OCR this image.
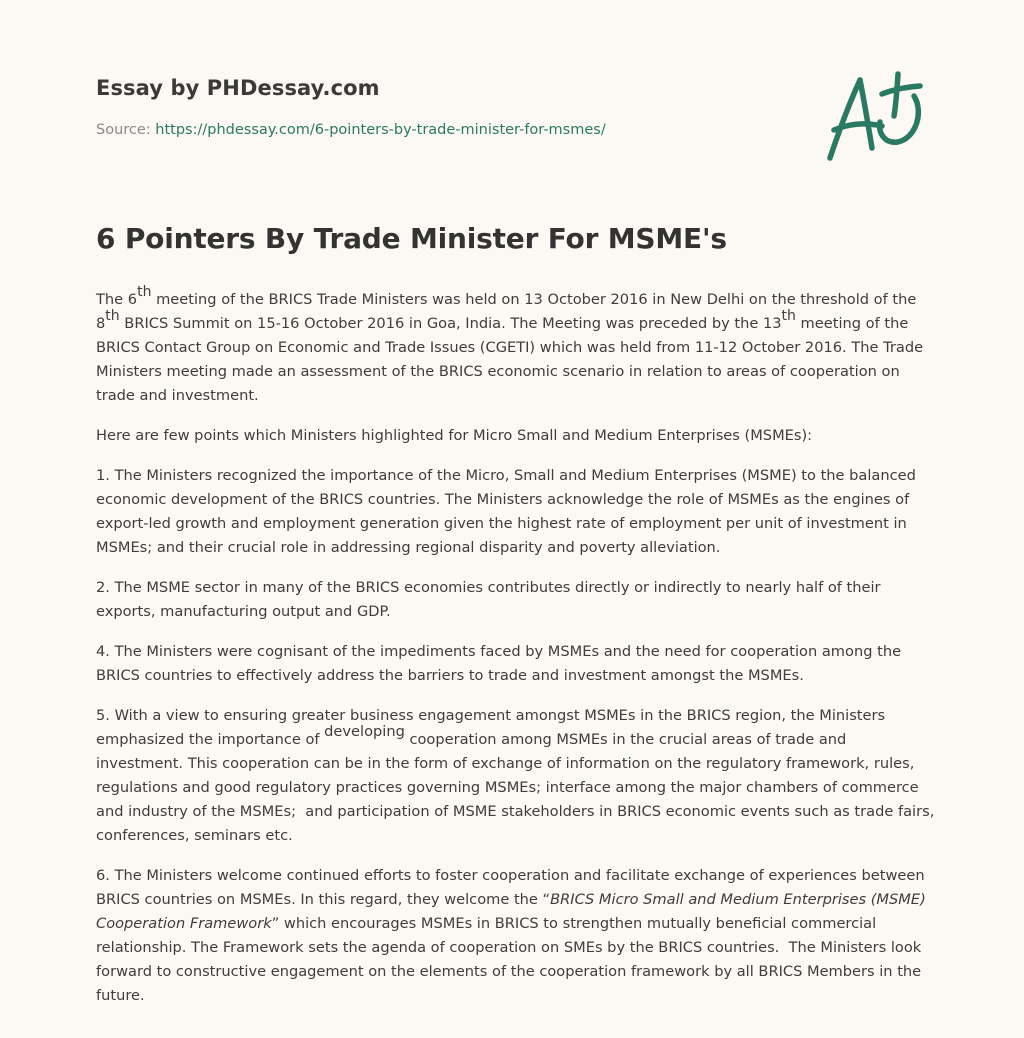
Essay by PHDessay.com

Source: https://phdessay.com/6-pointers-by-trade-minister-for-msmes/
6 Pointers By Trade Minister For MSME's

The 6th meeting of the BRICS Trade Ministers was held on 13 October 2016 in New Delhi on the threshold of the 8th BRICS Summit on 15-16 October 2016 in Goa, India. The Meeting was preceded by the 13th meeting of the BRICS Contact Group on Economic and Trade Issues (CGETI) which was held from 11-12 October 2016. The Trade Ministers meeting made an assessment of the BRICS economic scenario in relation to areas of cooperation on trade and investment.

Here are few points which Ministers highlighted for Micro Small and Medium Enterprises (MSMEs):

1. The Ministers recognized the importance of the Micro, Small and Medium Enterprises (MSME) to the balanced economic development of the BRICS countries. The Ministers acknowledge the role of MSMEs as the engines of export-led growth and employment generation given the highest rate of employment per unit of investment in MSMEs; and their crucial role in addressing regional disparity and poverty alleviation.

2. The MSME sector in many of the BRICS economies contributes directly or indirectly to nearly half of their exports, manufacturing output and GDP.

4. The Ministers were cognisant of the impediments faced by MSMEs and the need for cooperation among the BRICS countries to effectively address the barriers to trade and investment amongst the MSMEs.

5. With a view to ensuring greater business engagement amongst MSMEs in the BRICS region, the Ministers emphasized the importance of developing cooperation among MSMEs in the crucial areas of trade and investment. This cooperation can be in the form of exchange of information on the regulatory framework, rules, regulations and good regulatory practices governing MSMEs; interface among the major chambers of commerce and industry of the MSMEs;  and participation of MSME stakeholders in BRICS economic events such as trade fairs, conferences, seminars etc.

6. The Ministers welcome continued efforts to foster cooperation and facilitate exchange of experiences between BRICS countries on MSMEs. In this regard, they welcome the “BRICS Micro Small and Medium Enterprises (MSME) Cooperation Framework” which encourages MSMEs in BRICS to strengthen mutually beneficial commercial relationship. The Framework sets the agenda of cooperation on SMEs by the BRICS countries.  The Ministers look forward to constructive engagement on the elements of the cooperation framework by all BRICS Members in the future.
